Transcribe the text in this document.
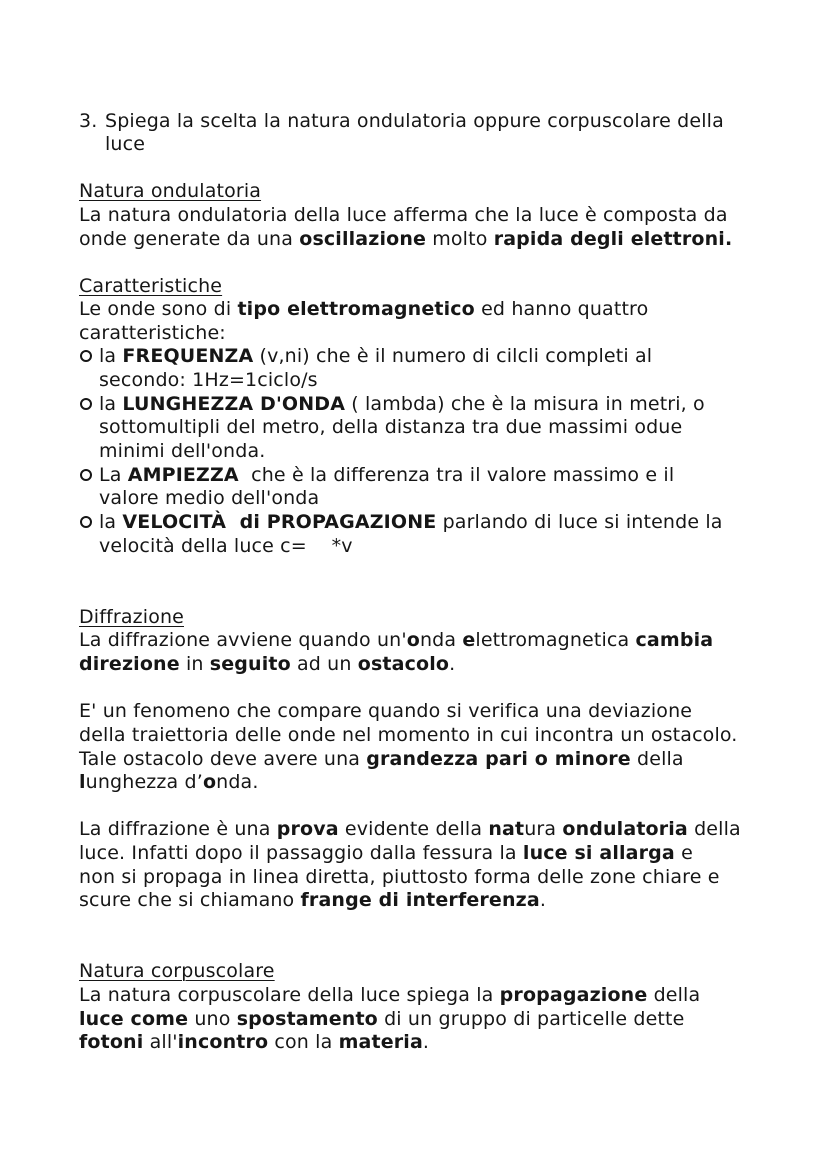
3. Spiega la scelta la natura ondulatoria oppure corpuscolare della
luce
Natura ondulatoria
La natura ondulatoria della luce afferma che la luce è composta da
onde generate da una oscillazione molto rapida degli elettroni.
Caratteristiche
Le onde sono di tipo elettromagnetico ed hanno quattro
caratteristiche:
la FREQUENZA (v,ni) che è il numero di cilcli completi al
secondo: 1Hz=1ciclo/s
la LUNGHEZZA D'ONDA ( lambda) che è la misura in metri, o
sottomultipli del metro, della distanza tra due massimi odue
minimi dell'onda.
La AMPIEZZA  che è la differenza tra il valore massimo e il
valore medio dell'onda
la VELOCITÀ  di PROPAGAZIONE parlando di luce si intende la
velocità della luce c=    *v
Diffrazione
La diffrazione avviene quando un'onda elettromagnetica cambia
direzione in seguito ad un ostacolo.
E' un fenomeno che compare quando si verifica una deviazione
della traiettoria delle onde nel momento in cui incontra un ostacolo.
Tale ostacolo deve avere una grandezza pari o minore della
lunghezza d’onda.
La diffrazione è una prova evidente della natura ondulatoria della
luce. Infatti dopo il passaggio dalla fessura la luce si allarga e
non si propaga in linea diretta, piuttosto forma delle zone chiare e
scure che si chiamano frange di interferenza.
Natura corpuscolare
La natura corpuscolare della luce spiega la propagazione della
luce come uno spostamento di un gruppo di particelle dette
fotoni all'incontro con la materia.
